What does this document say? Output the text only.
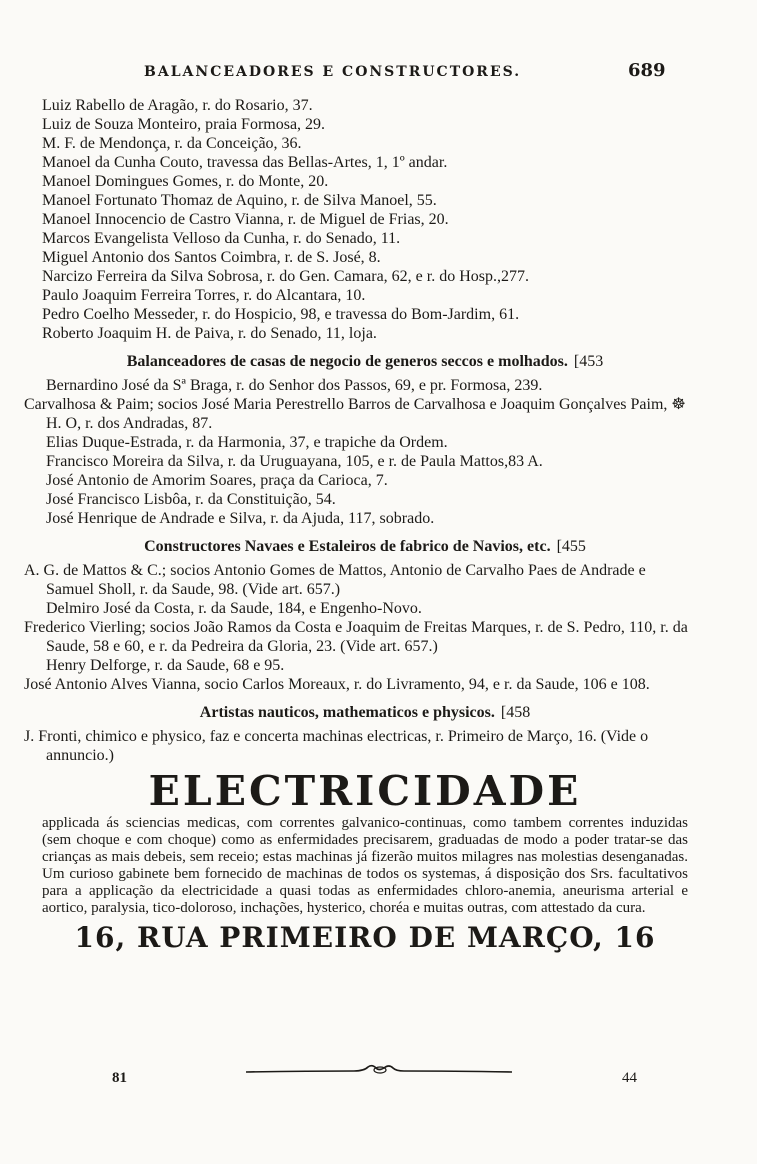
BALANCEADORES E CONSTRUCTORES.	689
Luiz Rabello de Aragão, r. do Rosario, 37.
Luiz de Souza Monteiro, praia Formosa, 29.
M. F. de Mendonça, r. da Conceição, 36.
Manoel da Cunha Couto, travessa das Bellas-Artes, 1, 1º andar.
Manoel Domingues Gomes, r. do Monte, 20.
Manoel Fortunato Thomaz de Aquino, r. de Silva Manoel, 55.
Manoel Innocencio de Castro Vianna, r. de Miguel de Frias, 20.
Marcos Evangelista Velloso da Cunha, r. do Senado, 11.
Miguel Antonio dos Santos Coimbra, r. de S. José, 8.
Narcizo Ferreira da Silva Sobrosa, r. do Gen. Camara, 62, e r. do Hosp.,277.
Paulo Joaquim Ferreira Torres, r. do Alcantara, 10.
Pedro Coelho Messeder, r. do Hospicio, 98, e travessa do Bom-Jardim, 61.
Roberto Joaquim H. de Paiva, r. do Senado, 11, loja.
Balanceadores de casas de negocio de generos seccos e molhados. [453
Bernardino José da Sª Braga, r. do Senhor dos Passos, 69, e pr. Formosa, 239.
Carvalhosa & Paim; socios José Maria Perestrello Barros de Carvalhosa e Joaquim Gonçalves Paim, ☸ H. O, r. dos Andradas, 87.
Elias Duque-Estrada, r. da Harmonia, 37, e trapiche da Ordem.
Francisco Moreira da Silva, r. da Uruguayana, 105, e r. de Paula Mattos,83 A.
José Antonio de Amorim Soares, praça da Carioca, 7.
José Francisco Lisbôa, r. da Constituição, 54.
José Henrique de Andrade e Silva, r. da Ajuda, 117, sobrado.
Constructores Navaes e Estaleiros de fabrico de Navios, etc. [455
A. G. de Mattos & C.; socios Antonio Gomes de Mattos, Antonio de Carvalho Paes de Andrade e Samuel Sholl, r. da Saude, 98. (Vide art. 657.)
Delmiro José da Costa, r. da Saude, 184, e Engenho-Novo.
Frederico Vierling; socios João Ramos da Costa e Joaquim de Freitas Marques, r. de S. Pedro, 110, r. da Saude, 58 e 60, e r. da Pedreira da Gloria, 23. (Vide art. 657.)
Henry Delforge, r. da Saude, 68 e 95.
José Antonio Alves Vianna, socio Carlos Moreaux, r. do Livramento, 94, e r. da Saude, 106 e 108.
Artistas nauticos, mathematicos e physicos. [458
J. Fronti, chimico e physico, faz e concerta machinas electricas, r. Primeiro de Março, 16. (Vide o annuncio.)
ELECTRICIDADE
applicada ás sciencias medicas, com correntes galvanico-continuas, como tambem correntes induzidas (sem choque e com choque) como as enfermidades precisarem, graduadas de modo a poder tratar-se das crianças as mais debeis, sem receio; estas machinas já fizerão muitos milagres nas molestias desenganadas. Um curioso gabinete bem fornecido de machinas de todos os systemas, á disposição dos Srs. facultativos para a applicação da electricidade a quasi todas as enfermidades chloro-anemia, aneurisma arterial e aortico, paralysia, tico-doloroso, inchações, hysterico, choréa e muitas outras, com attestado da cura.
16, RUA PRIMEIRO DE MARÇO, 16
81	44
